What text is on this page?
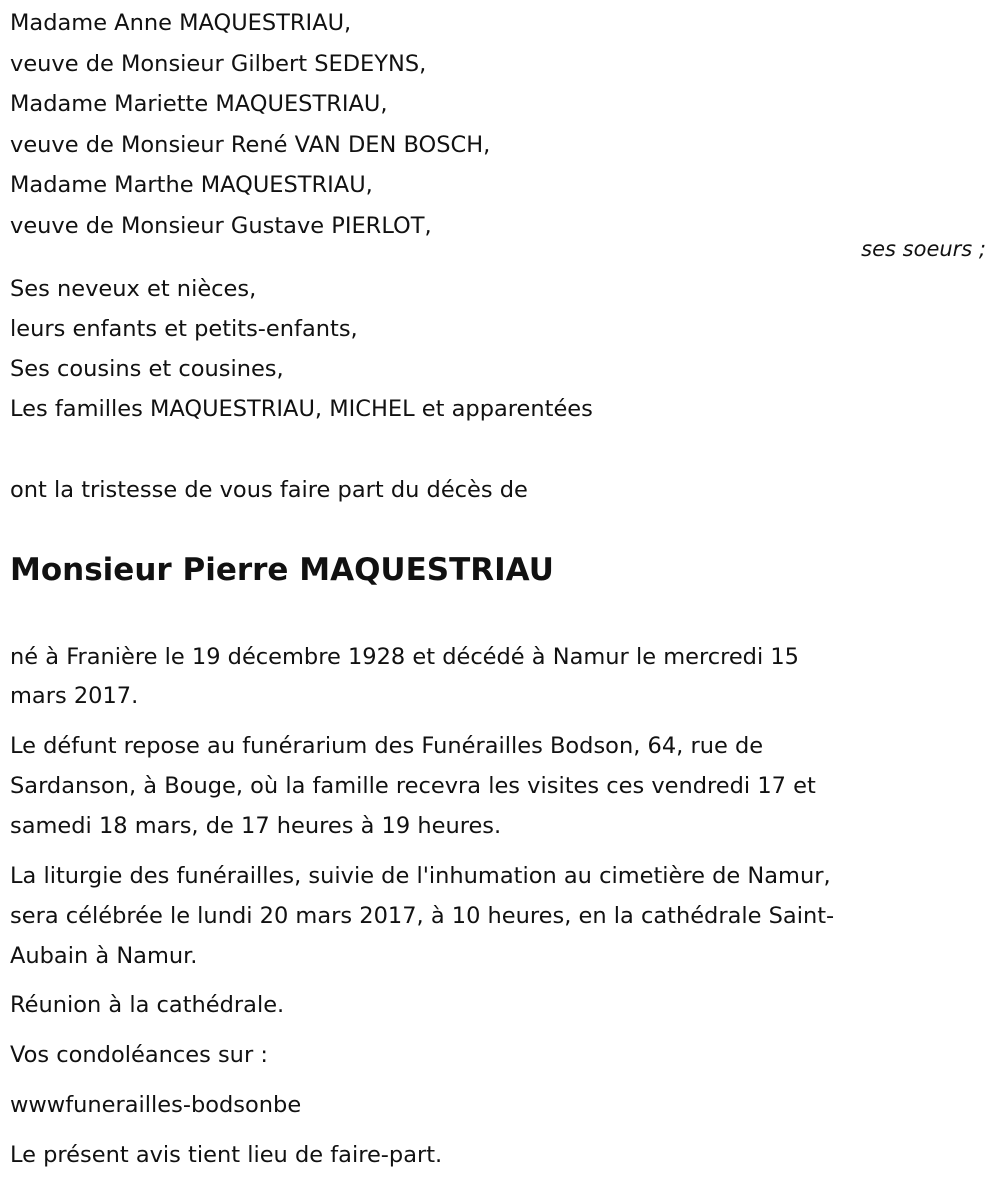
Madame Anne MAQUESTRIAU,
veuve de Monsieur Gilbert SEDEYNS,
Madame Mariette MAQUESTRIAU,
veuve de Monsieur René VAN DEN BOSCH,
Madame Marthe MAQUESTRIAU,
veuve de Monsieur Gustave PIERLOT,
ses soeurs ;
Ses neveux et nièces,
leurs enfants et petits-enfants,
Ses cousins et cousines,
Les familles MAQUESTRIAU, MICHEL et apparentées
ont la tristesse de vous faire part du décès de
Monsieur Pierre MAQUESTRIAU
né à Franière le 19 décembre 1928 et décédé à Namur le mercredi 15
mars 2017.
Le défunt repose au funérarium des Funérailles Bodson, 64, rue de
Sardanson, à Bouge, où la famille recevra les visites ces vendredi 17 et
samedi 18 mars, de 17 heures à 19 heures.
La liturgie des funérailles, suivie de l'inhumation au cimetière de Namur,
sera célébrée le lundi 20 mars 2017, à 10 heures, en la cathédrale Saint-
Aubain à Namur.
Réunion à la cathédrale.
Vos condoléances sur :
wwwfunerailles-bodsonbe
Le présent avis tient lieu de faire-part.
